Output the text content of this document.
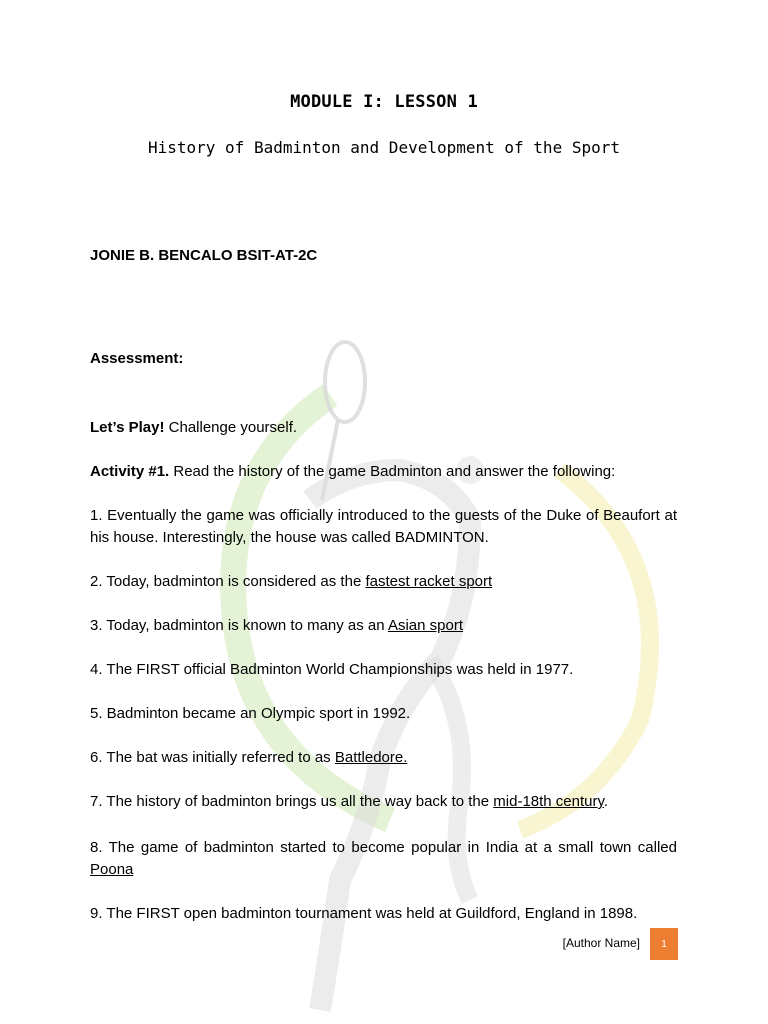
MODULE I: LESSON 1
History of Badminton and Development of the Sport
JONIE B. BENCALO BSIT-AT-2C
Assessment:
Let’s Play! Challenge yourself.
Activity #1. Read the history of the game Badminton and answer the following:
1. Eventually the game was officially introduced to the guests of the Duke of Beaufort at his house. Interestingly, the house was called BADMINTON.
2. Today, badminton is considered as the fastest racket sport
3. Today, badminton is known to many as an Asian sport
4. The FIRST official Badminton World Championships was held in 1977.
5. Badminton became an Olympic sport in 1992.
6. The bat was initially referred to as Battledore.
7. The history of badminton brings us all the way back to the mid-18th century.
8. The game of badminton started to become popular in India at a small town called Poona
9. The FIRST open badminton tournament was held at Guildford, England in 1898.
[Author Name]	1
